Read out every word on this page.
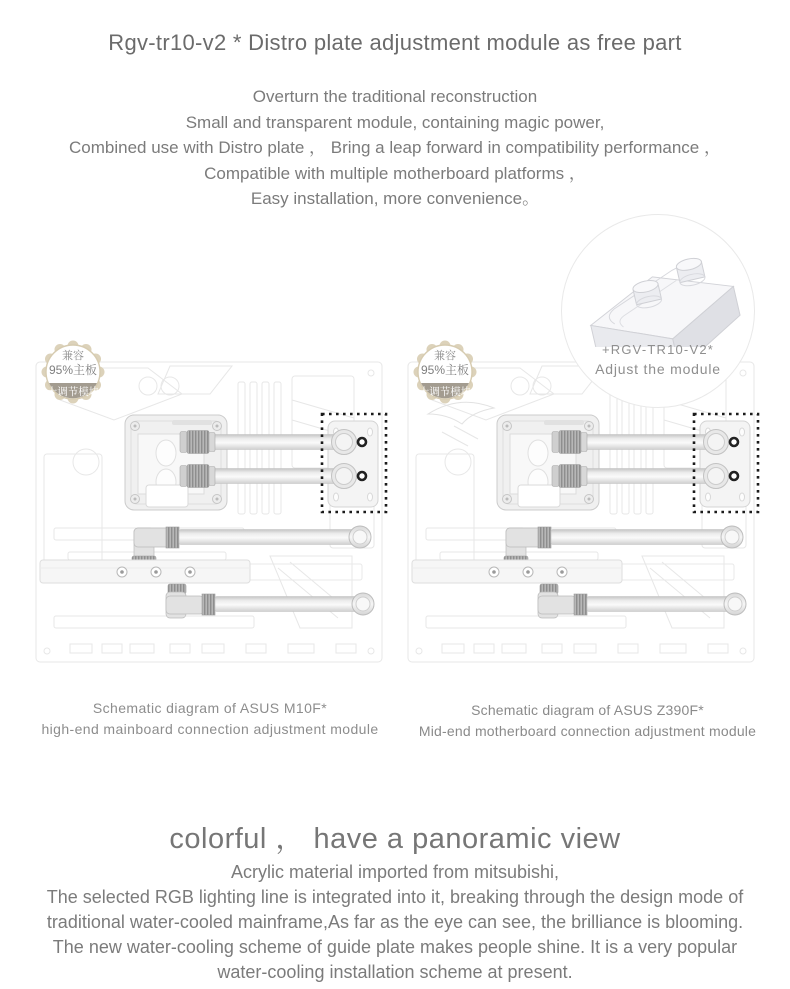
Rgv-tr10-v2 * Distro plate adjustment module as free part
Overturn the traditional reconstruction
Small and transparent module, containing magic power,
Combined use with Distro plate ， Bring a leap forward in compatibility performance ，
Compatible with multiple motherboard platforms ，
Easy installation, more convenience。
+RGV-TR10-V2*
Adjust the module
兼容
95%主板
十调节模块
兼容
95%主板
十调节模块
Schematic diagram of ASUS M10F*
high-end mainboard connection adjustment module
Schematic diagram of ASUS Z390F*
Mid-end motherboard connection adjustment module
colorful ， have a panoramic view
Acrylic material imported from mitsubishi,
The selected RGB lighting line is integrated into it, breaking through the design mode of
traditional water-cooled mainframe,As far as the eye can see, the brilliance is blooming.
The new water-cooling scheme of guide plate makes people shine. It is a very popular
water-cooling installation scheme at present.
